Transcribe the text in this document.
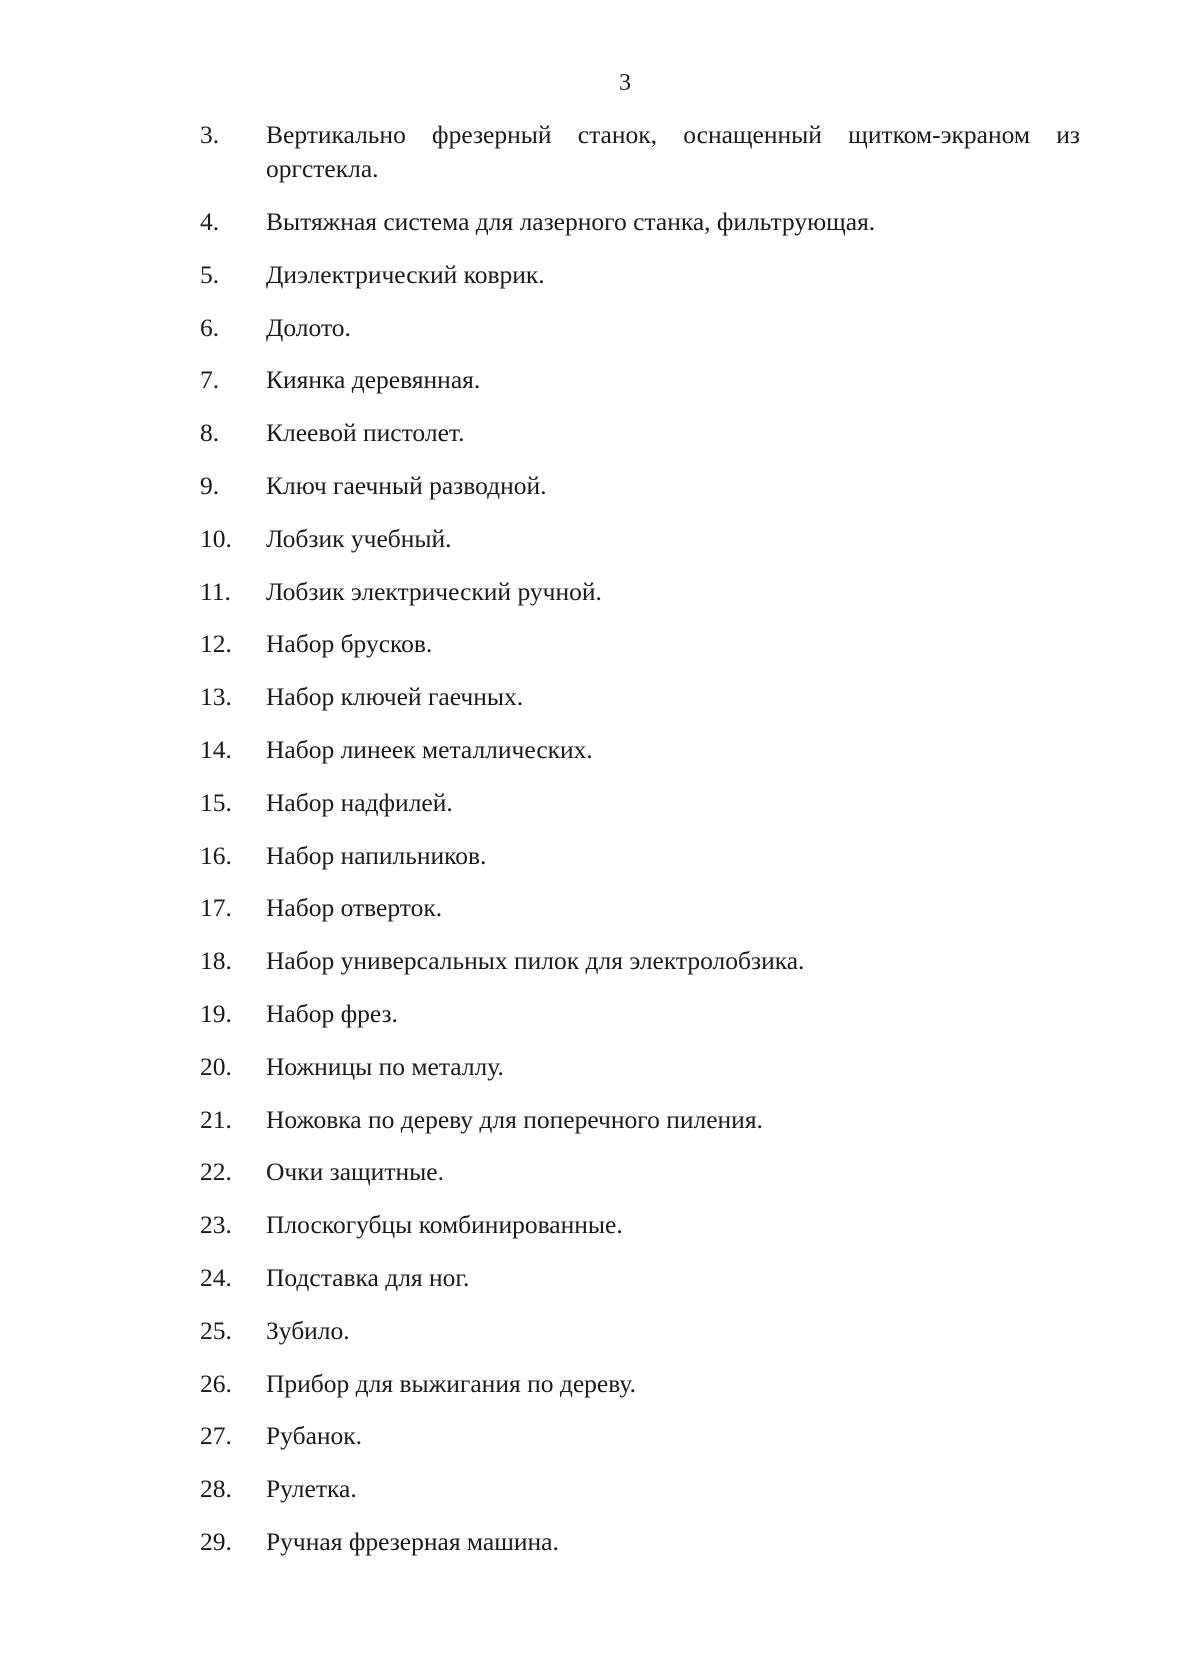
3
3.	Вертикально фрезерный станок, оснащенный щитком-экраном из оргстекла.
4.	Вытяжная система для лазерного станка, фильтрующая.
5.	Диэлектрический коврик.
6.	Долото.
7.	Киянка деревянная.
8.	Клеевой пистолет.
9.	Ключ гаечный разводной.
10.	Лобзик учебный.
11.	Лобзик электрический ручной.
12.	Набор брусков.
13.	Набор ключей гаечных.
14.	Набор линеек металлических.
15.	Набор надфилей.
16.	Набор напильников.
17.	Набор отверток.
18.	Набор универсальных пилок для электролобзика.
19.	Набор фрез.
20.	Ножницы по металлу.
21.	Ножовка по дереву для поперечного пиления.
22.	Очки защитные.
23.	Плоскогубцы комбинированные.
24.	Подставка для ног.
25.	Зубило.
26.	Прибор для выжигания по дереву.
27.	Рубанок.
28.	Рулетка.
29.	Ручная фрезерная машина.
